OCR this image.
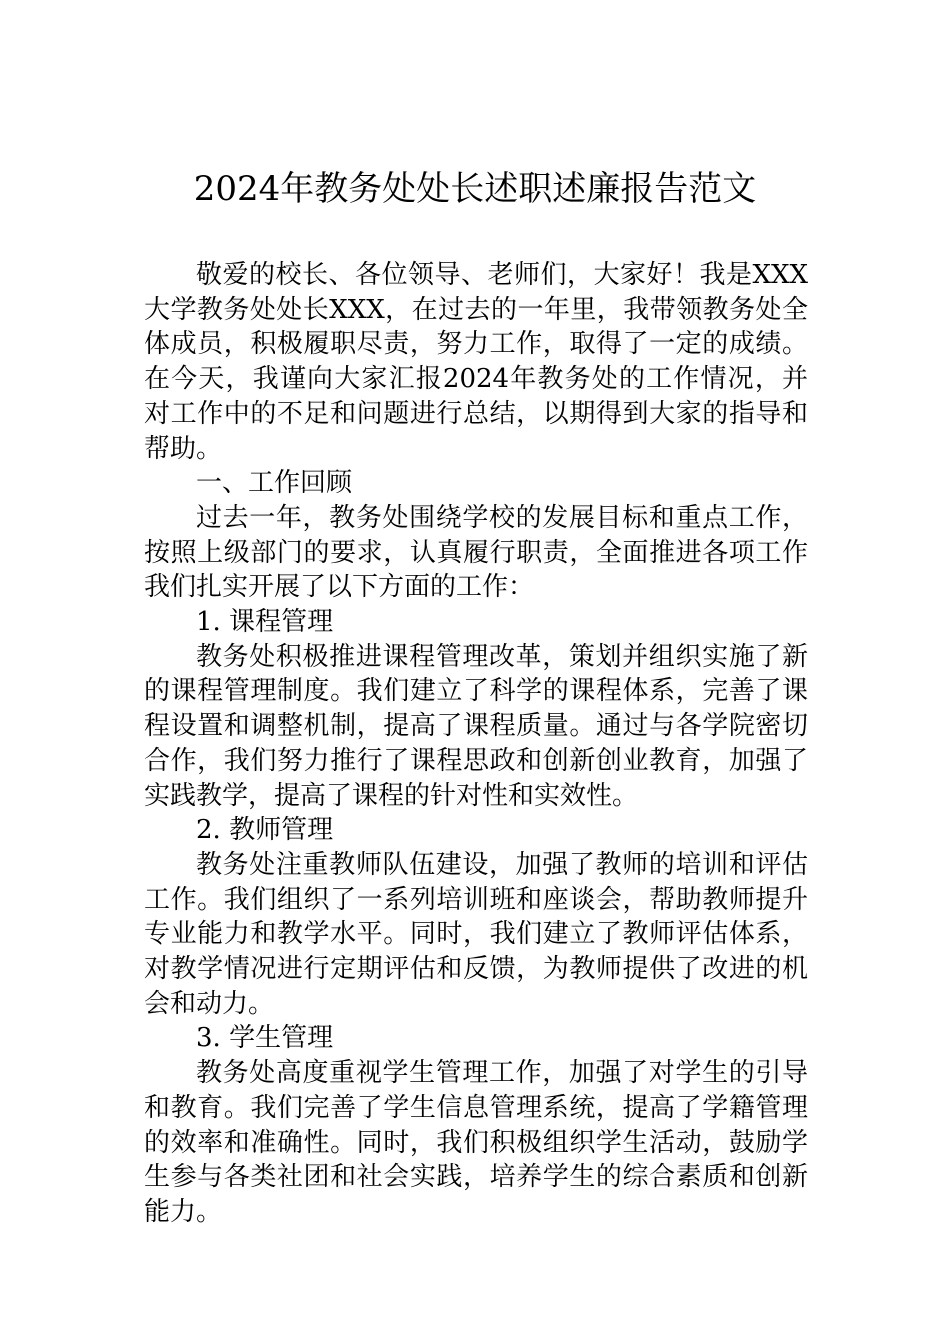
2024年教务处处长述职述廉报告范文

敬爱的校长、各位领导、老师们，大家好！我是XXX大学教务处处长XXX，在过去的一年里，我带领教务处全体成员，积极履职尽责，努力工作，取得了一定的成绩。在今天，我谨向大家汇报2024年教务处的工作情况，并对工作中的不足和问题进行总结，以期得到大家的指导和帮助。

一、工作回顾

过去一年，教务处围绕学校的发展目标和重点工作，按照上级部门的要求，认真履行职责，全面推进各项工作我们扎实开展了以下方面的工作：

1. 课程管理

教务处积极推进课程管理改革，策划并组织实施了新的课程管理制度。我们建立了科学的课程体系，完善了课程设置和调整机制，提高了课程质量。通过与各学院密切合作，我们努力推行了课程思政和创新创业教育，加强了实践教学，提高了课程的针对性和实效性。

2. 教师管理

教务处注重教师队伍建设，加强了教师的培训和评估工作。我们组织了一系列培训班和座谈会，帮助教师提升专业能力和教学水平。同时，我们建立了教师评估体系，对教学情况进行定期评估和反馈，为教师提供了改进的机会和动力。

3. 学生管理

教务处高度重视学生管理工作，加强了对学生的引导和教育。我们完善了学生信息管理系统，提高了学籍管理的效率和准确性。同时，我们积极组织学生活动，鼓励学生参与各类社团和社会实践，培养学生的综合素质和创新能力。
